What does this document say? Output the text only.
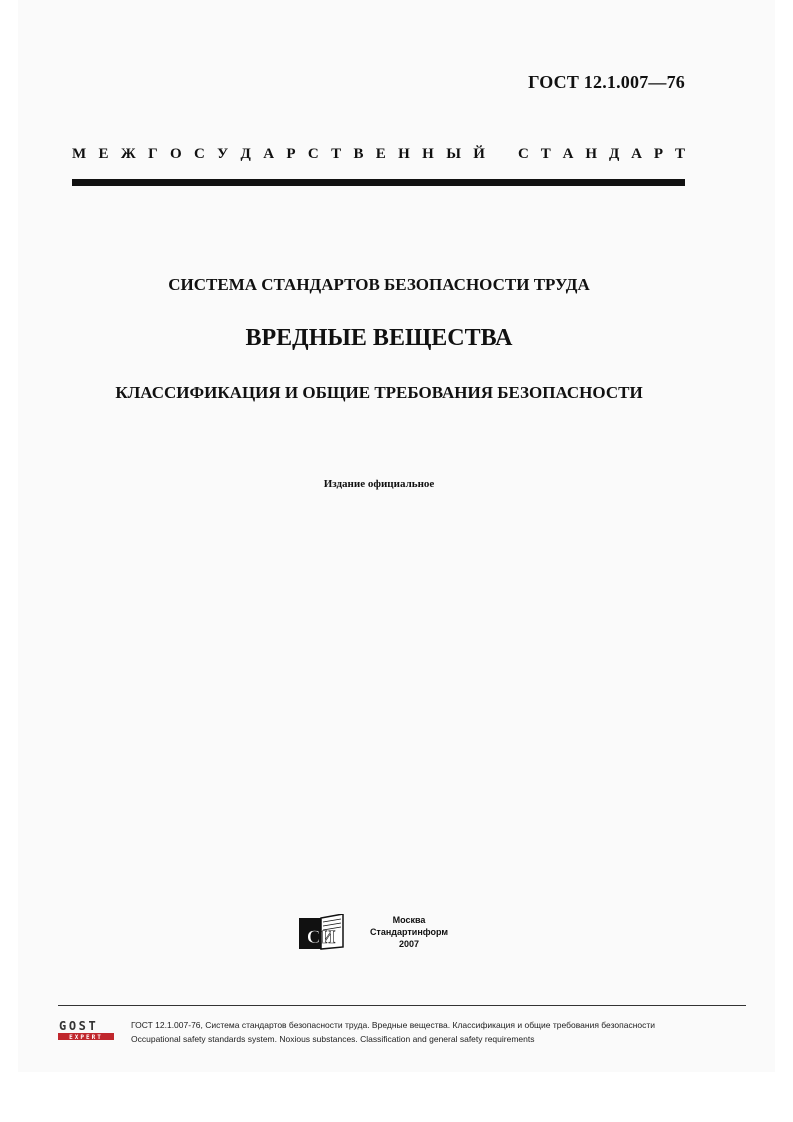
ГОСТ 12.1.007—76
М Е Ж Г О С У Д А Р С Т В Е Н Н Ы Й С Т А Н Д А Р Т
СИСТЕМА СТАНДАРТОВ БЕЗОПАСНОСТИ ТРУДА
ВРЕДНЫЕ ВЕЩЕСТВА
КЛАССИФИКАЦИЯ И ОБЩИЕ ТРЕБОВАНИЯ БЕЗОПАСНОСТИ
Издание официальное
СИ
Москва
Стандартинформ
2007
GOST
EXPERT
ГОСТ 12.1.007-76, Система стандартов безопасности труда. Вредные вещества. Классификация и общие требования безопасности
Occupational safety standards system. Noxious substances. Classification and general safety requirements
